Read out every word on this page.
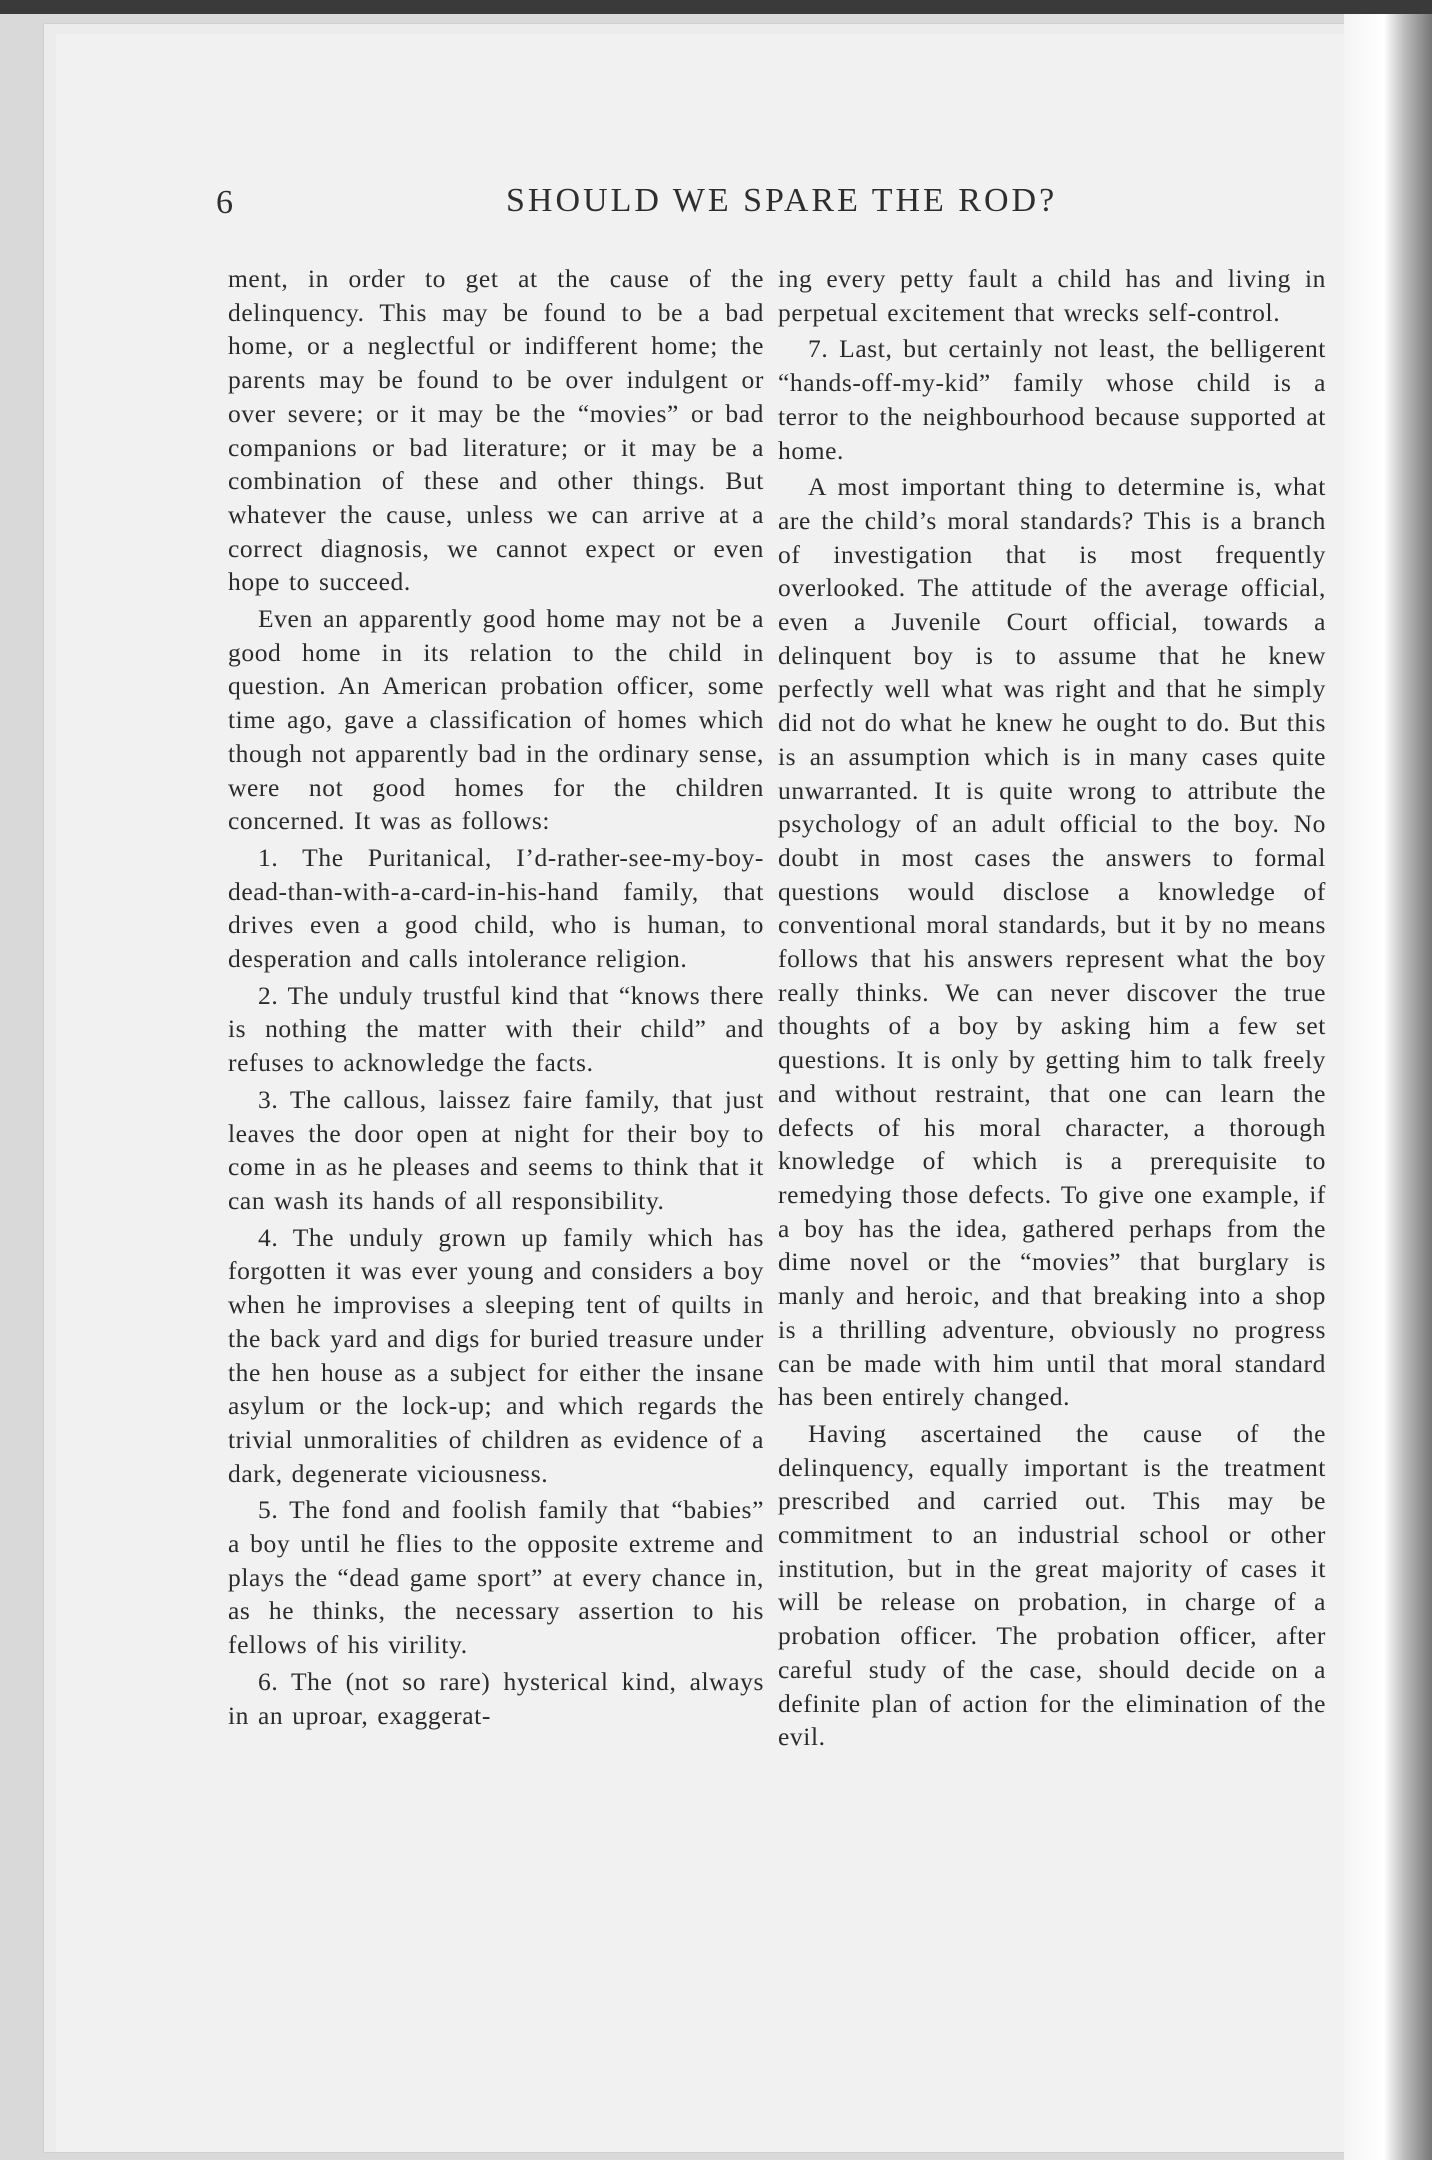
6	SHOULD WE SPARE THE ROD?

ment, in order to get at the cause of the delinquency. This may be found to be a bad home, or a neglectful or indifferent home; the parents may be found to be over indulgent or over severe; or it may be the “movies” or bad companions or bad literature; or it may be a combination of these and other things. But whatever the cause, unless we can arrive at a correct diagnosis, we cannot expect or even hope to succeed.

Even an apparently good home may not be a good home in its relation to the child in question. An American probation officer, some time ago, gave a classification of homes which though not apparently bad in the ordinary sense, were not good homes for the children concerned. It was as follows:

1. The Puritanical, I’d-rather-see-my-boy-dead-than-with-a-card-in-his-hand family, that drives even a good child, who is human, to desperation and calls intolerance religion.

2. The unduly trustful kind that “knows there is nothing the matter with their child” and refuses to acknowledge the facts.

3. The callous, laissez faire family, that just leaves the door open at night for their boy to come in as he pleases and seems to think that it can wash its hands of all responsibility.

4. The unduly grown up family which has forgotten it was ever young and considers a boy when he improvises a sleeping tent of quilts in the back yard and digs for buried treasure under the hen house as a subject for either the insane asylum or the lock-up; and which regards the trivial unmoralities of children as evidence of a dark, degenerate viciousness.

5. The fond and foolish family that “babies” a boy until he flies to the opposite extreme and plays the “dead game sport” at every chance in, as he thinks, the necessary assertion to his fellows of his virility.

6. The (not so rare) hysterical kind, always in an uproar, exaggerat-

ing every petty fault a child has and living in perpetual excitement that wrecks self-control.

7. Last, but certainly not least, the belligerent “hands-off-my-kid” family whose child is a terror to the neighbourhood because supported at home.

A most important thing to determine is, what are the child’s moral standards? This is a branch of investigation that is most frequently overlooked. The attitude of the average official, even a Juvenile Court official, towards a delinquent boy is to assume that he knew perfectly well what was right and that he simply did not do what he knew he ought to do. But this is an assumption which is in many cases quite unwarranted. It is quite wrong to attribute the psychology of an adult official to the boy. No doubt in most cases the answers to formal questions would disclose a knowledge of conventional moral standards, but it by no means follows that his answers represent what the boy really thinks. We can never discover the true thoughts of a boy by asking him a few set questions. It is only by getting him to talk freely and without restraint, that one can learn the defects of his moral character, a thorough knowledge of which is a prerequisite to remedying those defects. To give one example, if a boy has the idea, gathered perhaps from the dime novel or the “movies” that burglary is manly and heroic, and that breaking into a shop is a thrilling adventure, obviously no progress can be made with him until that moral standard has been entirely changed.

Having ascertained the cause of the delinquency, equally important is the treatment prescribed and carried out. This may be commitment to an industrial school or other institution, but in the great majority of cases it will be release on probation, in charge of a probation officer. The probation officer, after careful study of the case, should decide on a definite plan of action for the elimination of the evil.
